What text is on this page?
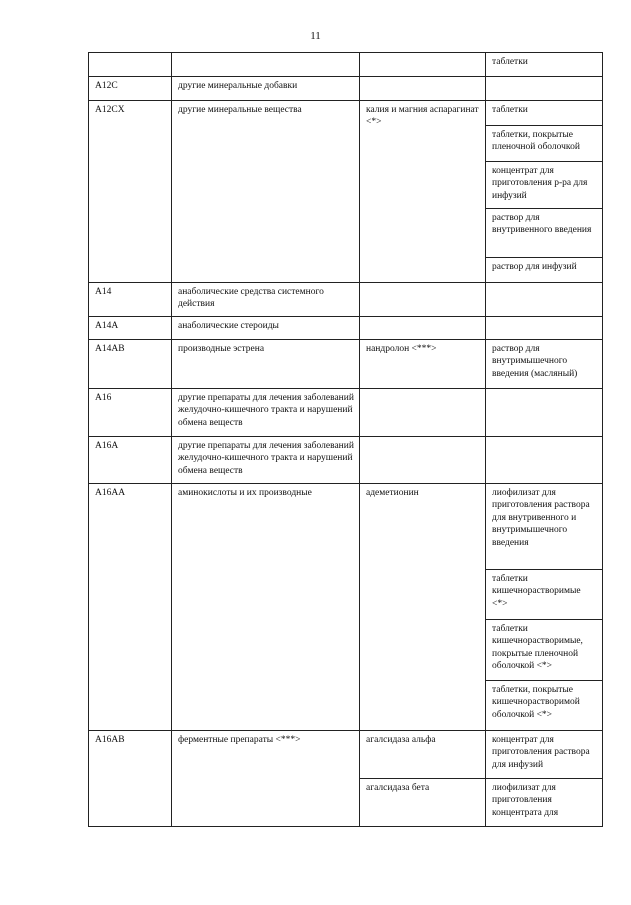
11
			таблетки
A12C	другие минеральные добавки		
A12CX	другие минеральные вещества	калия и магния аспарагинат <*>	таблетки
			таблетки, покрытые пленочной оболочкой
			концентрат для приготовления р-ра для инфузий
			раствор для внутривенного введения
			раствор для инфузий
A14	анаболические средства системного действия		
A14A	анаболические стероиды		
A14AB	производные эстрена	нандролон <***>	раствор для внутримышечного введения (масляный)
A16	другие препараты для лечения заболеваний желудочно-кишечного тракта и нарушений обмена веществ		
A16A	другие препараты для лечения заболеваний желудочно-кишечного тракта и нарушений обмена веществ		
A16AA	аминокислоты и их производные	адеметионин	лиофилизат для приготовления раствора для внутривенного и внутримышечного введения
			таблетки кишечнорастворимые <*>
			таблетки кишечнорастворимые, покрытые пленочной оболочкой <*>
			таблетки, покрытые кишечнорастворимой оболочкой <*>
A16AB	ферментные препараты <***>	агалсидаза альфа	концентрат для приготовления раствора для инфузий
		агалсидаза бета	лиофилизат для приготовления концентрата для
